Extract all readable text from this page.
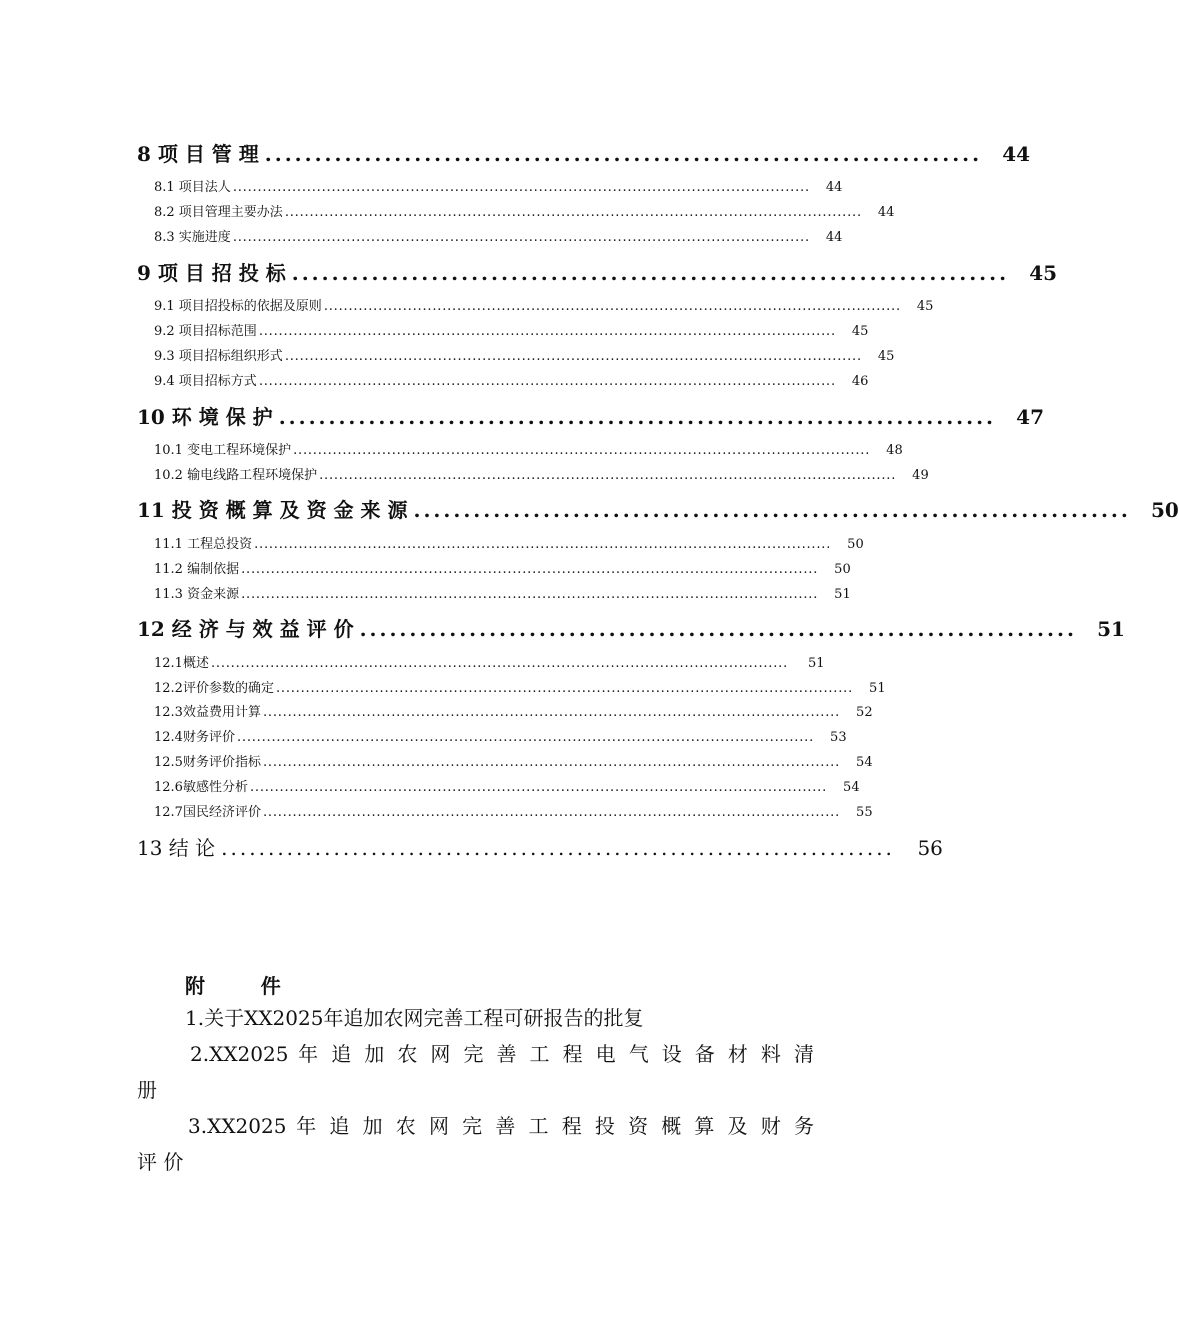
8 项 目 管 理 ........................................................................ 44
8.1 项目法人 ..................................................................................................................... 44
8.2 项目管理主要办法 ..................................................................................................................... 44
8.3 实施进度 ..................................................................................................................... 44
9 项 目 招 投 标 ........................................................................ 45
9.1 项目招投标的依据及原则 ..................................................................................................................... 45
9.2 项目招标范围 ..................................................................................................................... 45
9.3 项目招标组织形式 ..................................................................................................................... 45
9.4 项目招标方式 ..................................................................................................................... 46
10 环 境 保 护 ........................................................................ 47
10.1 变电工程环境保护 ..................................................................................................................... 48
10.2 输电线路工程环境保护 ..................................................................................................................... 49
11 投 资 概 算 及 资 金 来 源 ........................................................................ 50
11.1 工程总投资 ..................................................................................................................... 50
11.2 编制依据 ..................................................................................................................... 50
11.3 资金来源 ..................................................................................................................... 51
12 经 济 与 效 益 评 价 ........................................................................ 51
12.1概述 .....................................................................................................................	51
12.2评价参数的确定 ..................................................................................................................... 51
12.3效益费用计算 ..................................................................................................................... 52
12.4财务评价 ..................................................................................................................... 53
12.5财务评价指标 ..................................................................................................................... 54
12.6敏感性分析 ..................................................................................................................... 54
12.7国民经济评价 ..................................................................................................................... 55
13 结 论 ........................................................................ 56
附      件
1.关于XX2025年追加农网完善工程可研报告的批复
2.XX2025 年 追 加 农 网 完 善 工 程 电 气 设 备 材 料 清
册
3.XX2025 年 追 加 农 网 完 善 工 程 投 资 概 算 及 财 务
评 价
